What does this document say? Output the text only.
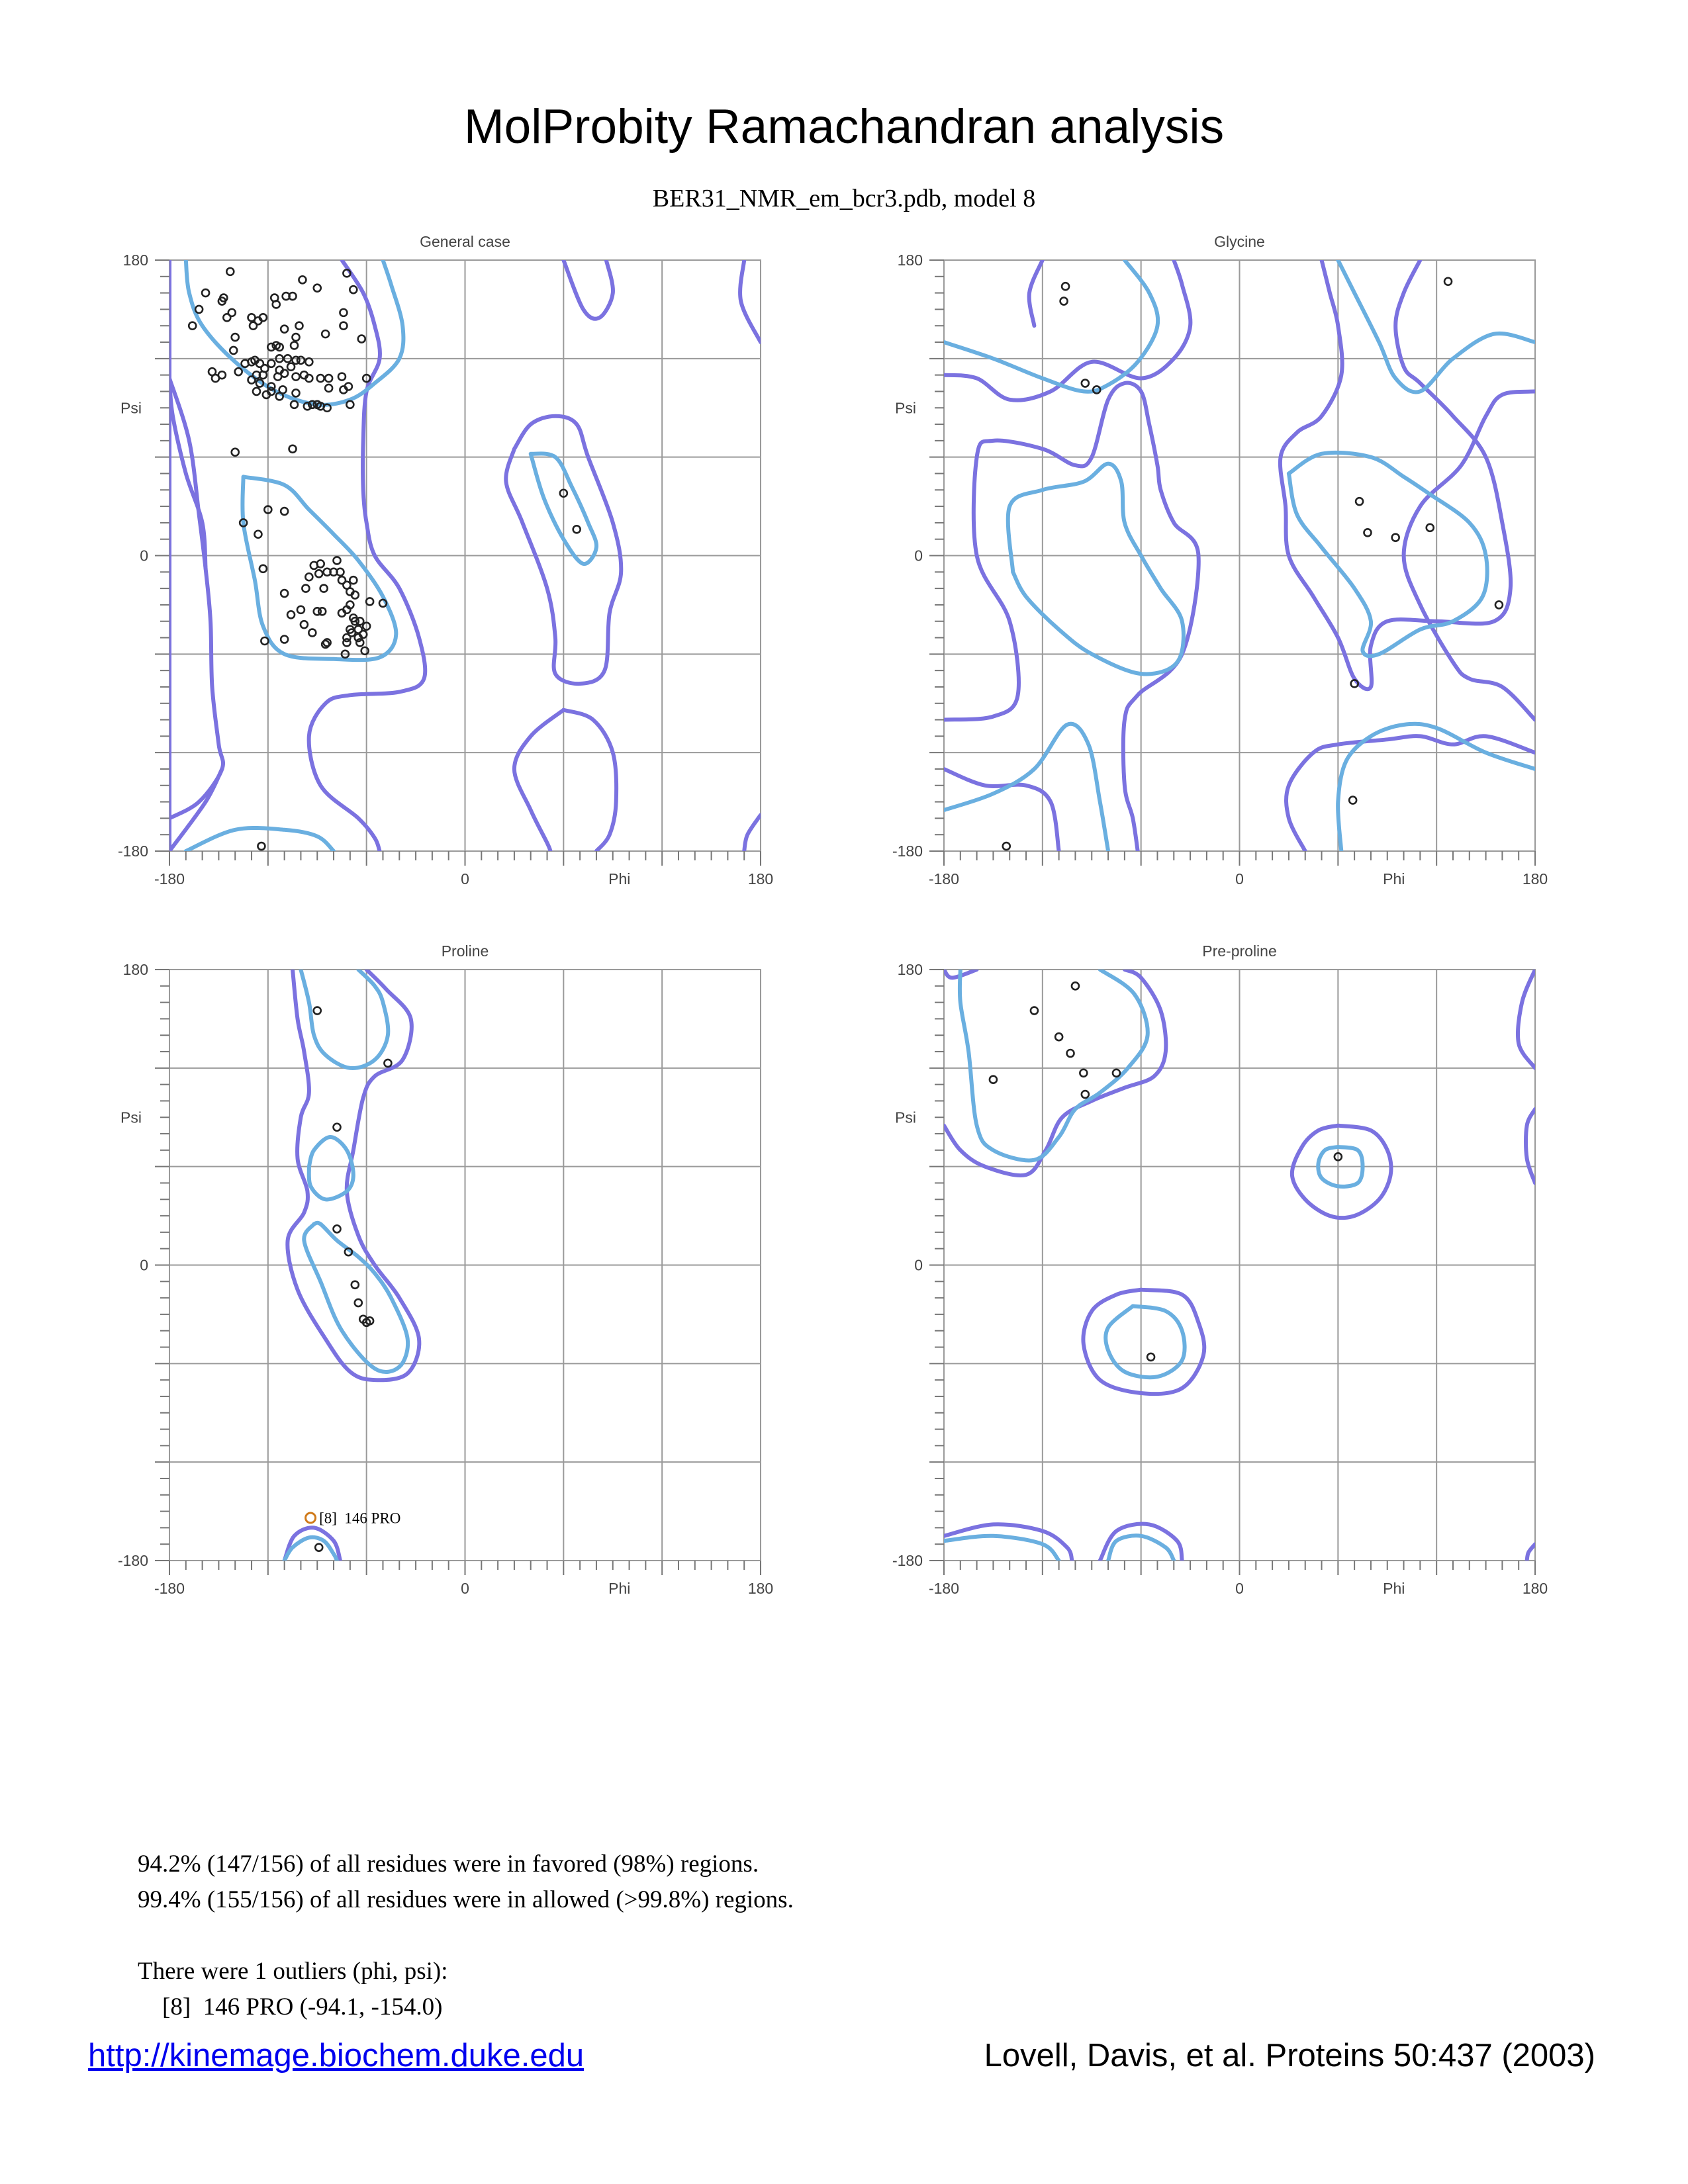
MolProbity Ramachandran analysis
BER31_NMR_em_bcr3.pdb, model 8
General case
Phi
Psi
-180	0	180
180
0
-180
Glycine
Phi
Psi
-180	0	180
180
0
-180
Proline
Phi
Psi
-180	0	180
180
0
-180
[8]  146 PRO
Pre-proline
Phi
Psi
-180	0	180
180
0
-180
94.2% (147/156) of all residues were in favored (98%) regions.
99.4% (155/156) of all residues were in allowed (>99.8%) regions.
There were 1 outliers (phi, psi):
[8]  146 PRO (-94.1, -154.0)
http://kinemage.biochem.duke.edu	Lovell, Davis, et al. Proteins 50:437 (2003)
